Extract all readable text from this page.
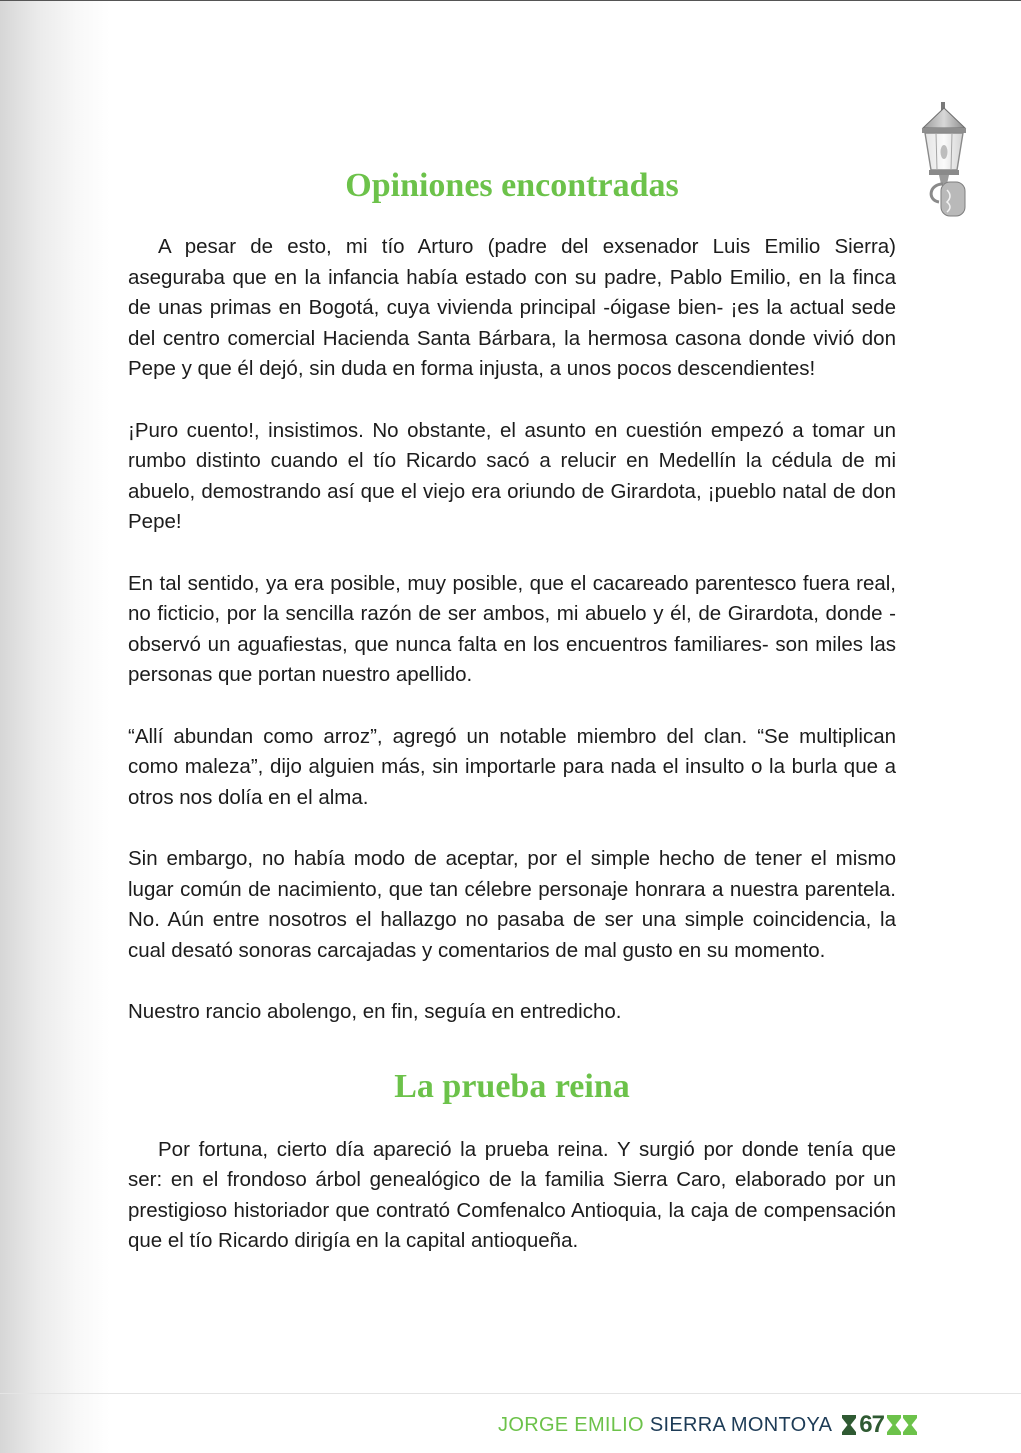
Opiniones encontradas

A pesar de esto, mi tío Arturo (padre del exsenador Luis Emilio Sierra) aseguraba que en la infancia había estado con su padre, Pablo Emilio, en la finca de unas primas en Bogotá, cuya vivienda principal -óigase bien- ¡es la actual sede del centro comercial Hacienda Santa Bárbara, la hermosa casona donde vivió don Pepe y que él dejó, sin duda en forma injusta, a unos pocos descendientes!

¡Puro cuento!, insistimos. No obstante, el asunto en cuestión empezó a tomar un rumbo distinto cuando el tío Ricardo sacó a relucir en Medellín la cédula de mi abuelo, demostrando así que el viejo era oriundo de Girardota, ¡pueblo natal de don Pepe!

En tal sentido, ya era posible, muy posible, que el cacareado parentesco fuera real, no ficticio, por la sencilla razón de ser ambos, mi abuelo y él, de Girardota, donde -observó un aguafiestas, que nunca falta en los encuentros familiares- son miles las personas que portan nuestro apellido.

“Allí abundan como arroz”, agregó un notable miembro del clan. “Se multiplican como maleza”, dijo alguien más, sin importarle para nada el insulto o la burla que a otros nos dolía en el alma.

Sin embargo, no había modo de aceptar, por el simple hecho de tener el mismo lugar común de nacimiento, que tan célebre personaje honrara a nuestra parentela. No. Aún entre nosotros el hallazgo no pasaba de ser una simple coincidencia, la cual desató sonoras carcajadas y comentarios de mal gusto en su momento.

Nuestro rancio abolengo, en fin, seguía en entredicho.

La prueba reina

Por fortuna, cierto día apareció la prueba reina. Y surgió por donde tenía que ser: en el frondoso árbol genealógico de la familia Sierra Caro, elaborado por un prestigioso historiador que contrató Comfenalco Antioquia, la caja de compensación que el tío Ricardo dirigía en la capital antioqueña.

JORGE EMILIO SIERRA MONTOYA 67
